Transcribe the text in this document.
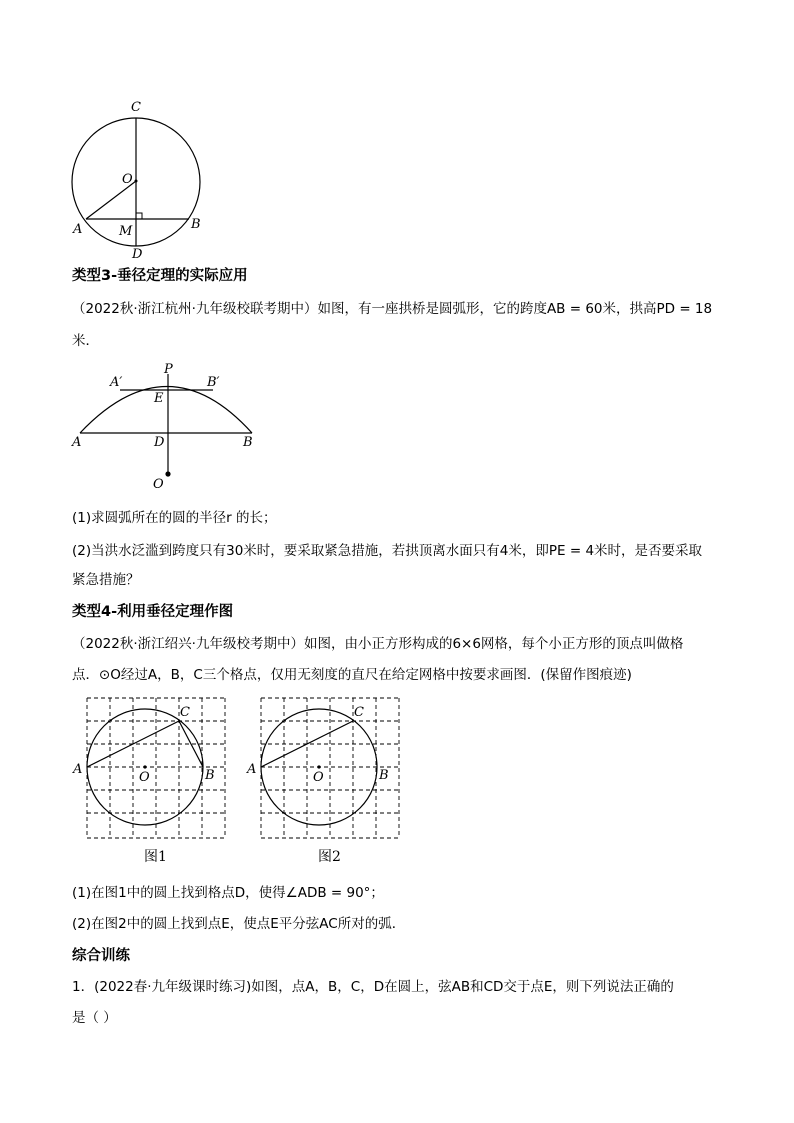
C
O
A	M	B
D
类型3-垂径定理的实际应用
（2022秋·浙江杭州·九年级校联考期中）如图，有一座拱桥是圆弧形，它的跨度AB = 60米，拱高PD = 18
米．
A′
P
B′
E
A	D	B
O
(1)求圆弧所在的圆的半径r 的长；
(2)当洪水泛滥到跨度只有30米时，要采取紧急措施，若拱顶离水面只有4米，即PE = 4米时，是否要采取
紧急措施？
类型4-利用垂径定理作图
（2022秋·浙江绍兴·九年级校考期中）如图，由小正方形构成的6×6网格，每个小正方形的顶点叫做格
点．⊙O经过A，B，C三个格点，仅用无刻度的直尺在给定网格中按要求画图．(保留作图痕迹)
A
C
O	B
图1
A
C
O	B
图2
(1)在图1中的圆上找到格点D，使得∠ADB = 90°；
(2)在图2中的圆上找到点E，使点E平分弦AC所对的弧．
综合训练
1．(2022春·九年级课时练习)如图，点A，B，C，D在圆上，弦AB和CD交于点E，则下列说法正确的
是（ ）
